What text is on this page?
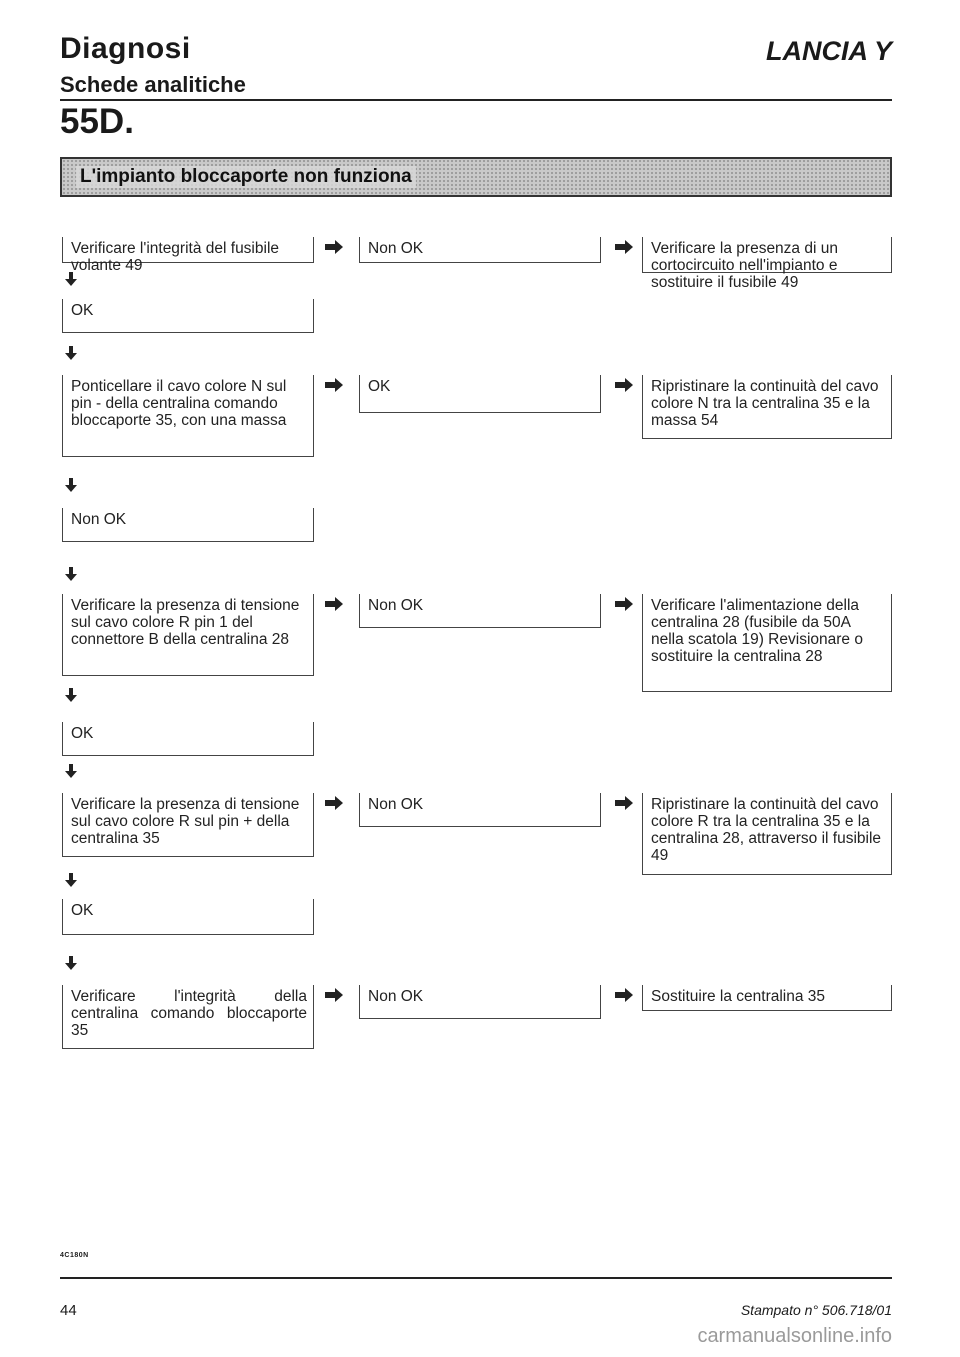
Diagnosi
Schede analitiche
LANCIA Y
55D.
L'impianto bloccaporte non funziona
Verificare l'integrità del fusibile volante 49
OK
Ponticellare il cavo colore N sul pin - della centralina comando bloccaporte 35, con una massa
Non OK
Verificare la presenza di tensione sul cavo colore R pin 1 del connettore B della centralina 28
OK
Verificare la presenza di tensione sul cavo colore R sul pin + della centralina 35
OK
Verificare l'integrità della centralina comando bloccaporte 35
Non OK
OK
Non OK
Non OK
Non OK
Verificare la presenza di un cortocircuito nell'impianto e sostituire il fusibile 49
Ripristinare la continuità del cavo colore N tra la centralina 35 e la massa 54
Verificare l'alimentazione della centralina 28 (fusibile da 50A nella scatola 19) Revisionare o sostituire la centralina 28
Ripristinare la continuità del cavo colore R tra la centralina 35 e la centralina 28, attraverso il fusibile 49
Sostituire la centralina 35
4C180N
44	Stampato n° 506.718/01
carmanualsonline.info
